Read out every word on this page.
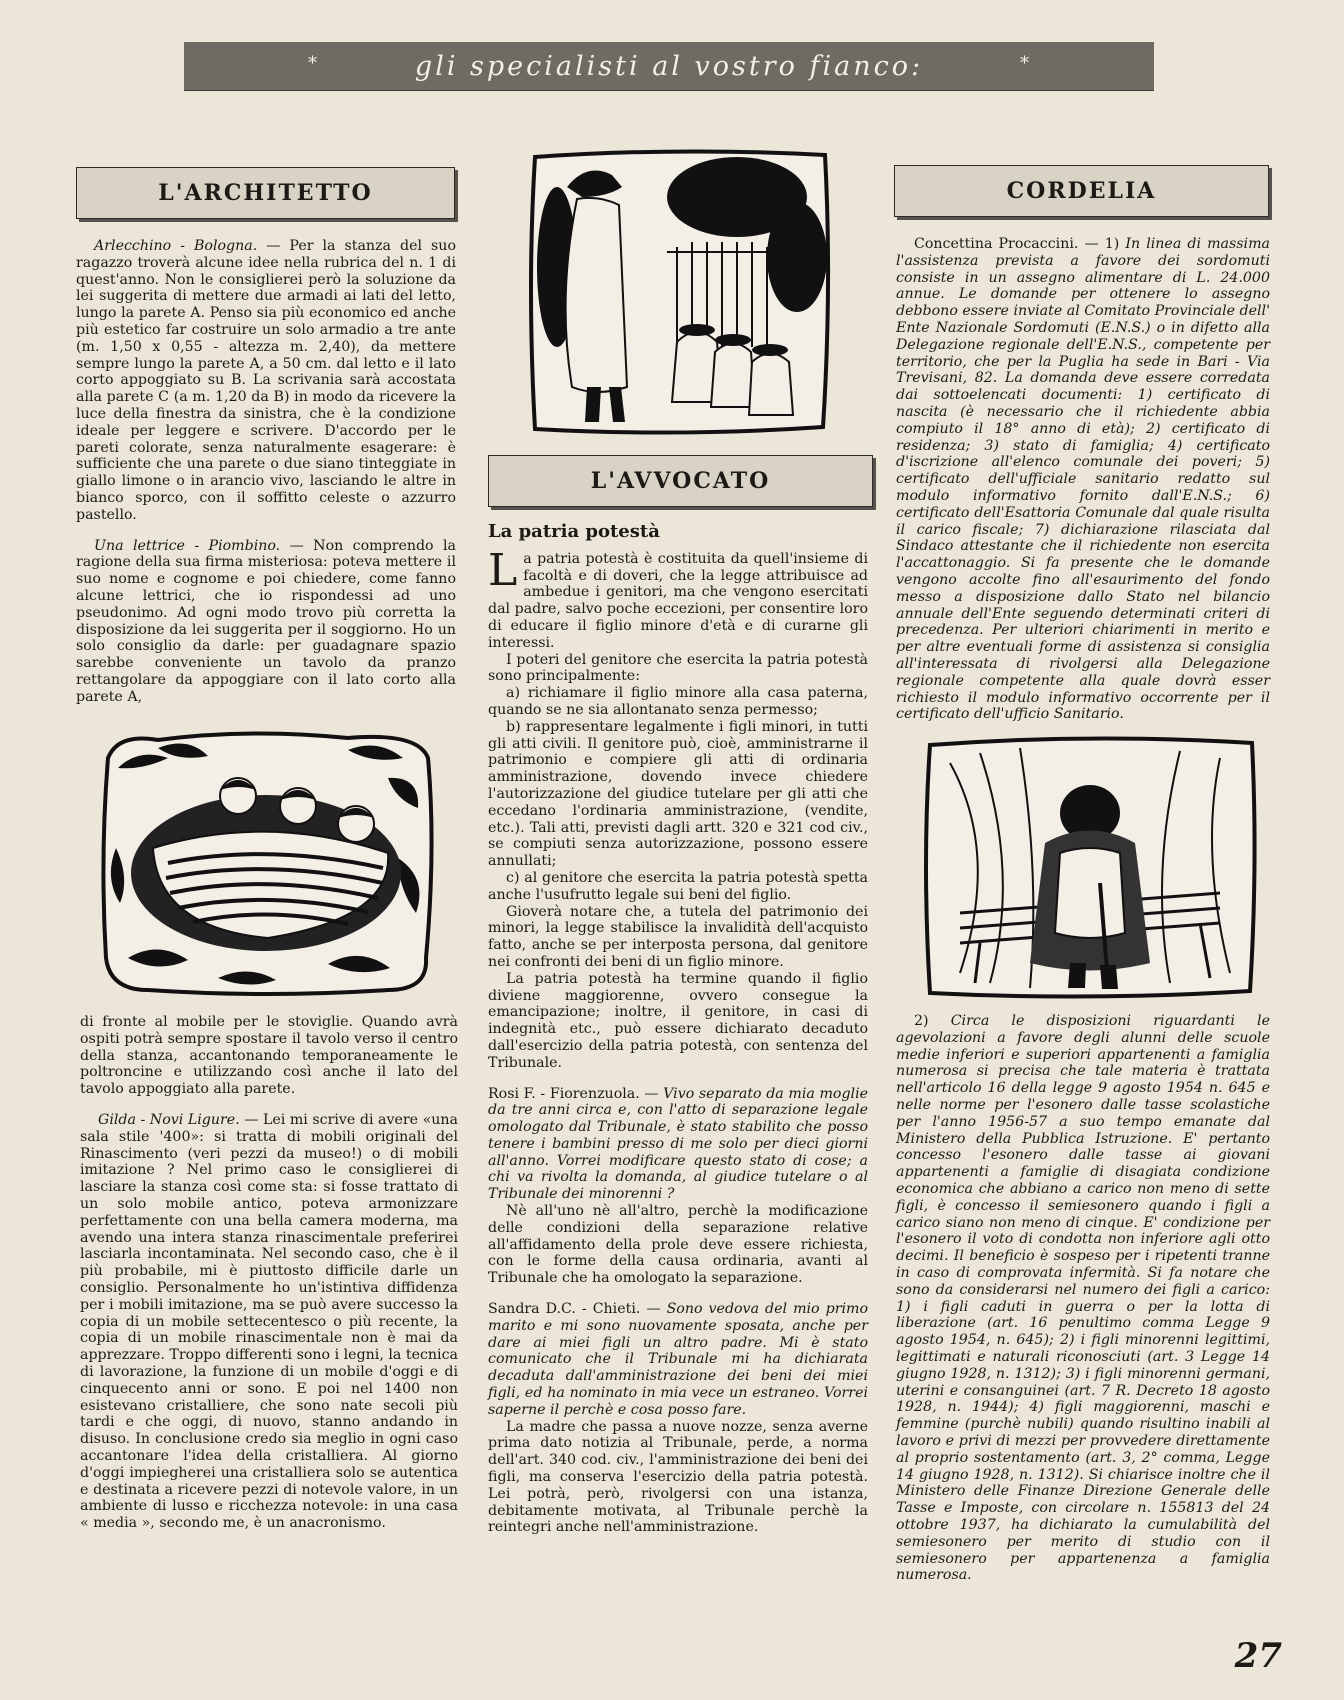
*	gli specialisti al vostro fianco:	*
L'ARCHITETTO
L'AVVOCATO
CORDELIA

Arlecchino - Bologna. — Per la stanza del suo ragazzo troverà alcune idee nella rubrica del n. 1 di quest'anno. Non le consiglierei però la soluzione da lei suggerita di mettere due armadi ai lati del letto, lungo la parete A. Penso sia più economico ed anche più estetico far costruire un solo armadio a tre ante (m. 1,50 x 0,55 - altezza m. 2,40), da mettere sempre lungo la parete A, a 50 cm. dal letto e il lato corto appoggiato su B. La scrivania sarà accostata alla parete C (a m. 1,20 da B) in modo da ricevere la luce della finestra da sinistra, che è la condizione ideale per leggere e scrivere. D'accordo per le pareti colorate, senza naturalmente esagerare: è sufficiente che una parete o due siano tinteggiate in giallo limone o in arancio vivo, lasciando le altre in bianco sporco, con il soffitto celeste o azzurro pastello.

Una lettrice - Piombino. — Non comprendo la ragione della sua firma misteriosa: poteva mettere il suo nome e cognome e poi chiedere, come fanno alcune lettrici, che io rispondessi ad uno pseudonimo. Ad ogni modo trovo più corretta la disposizione da lei suggerita per il soggiorno. Ho un solo consiglio da darle: per guadagnare spazio sarebbe conveniente un tavolo da pranzo rettangolare da appoggiare con il lato corto alla parete A,

di fronte al mobile per le stoviglie. Quando avrà ospiti potrà sempre spostare il tavolo verso il centro della stanza, accantonando temporaneamente le poltroncine e utilizzando così anche il lato del tavolo appoggiato alla parete.

Gilda - Novi Ligure. — Lei mi scrive di avere «una sala stile '400»: si tratta di mobili originali del Rinascimento (veri pezzi da museo!) o di mobili imitazione ? Nel primo caso le consiglierei di lasciare la stanza così come sta: si fosse trattato di un solo mobile antico, poteva armonizzare perfettamente con una bella camera moderna, ma avendo una intera stanza rinascimentale preferirei lasciarla incontaminata. Nel secondo caso, che è il più probabile, mi è piuttosto difficile darle un consiglio. Personalmente ho un'istintiva diffidenza per i mobili imitazione, ma se può avere successo la copia di un mobile settecentesco o più recente, la copia di un mobile rinascimentale non è mai da apprezzare. Troppo differenti sono i legni, la tecnica di lavorazione, la funzione di un mobile d'oggi e di cinquecento anni or sono. E poi nel 1400 non esistevano cristalliere, che sono nate secoli più tardi e che oggi, di nuovo, stanno andando in disuso. In conclusione credo sia meglio in ogni caso accantonare l'idea della cristalliera. Al giorno d'oggi impiegherei una cristalliera solo se autentica e destinata a ricevere pezzi di notevole valore, in un ambiente di lusso e ricchezza notevole: in una casa « media », secondo me, è un anacronismo.

La patria potestà

La patria potestà è costituita da quell'insieme di facoltà e di doveri, che la legge attribuisce ad ambedue i genitori, ma che vengono esercitati dal padre, salvo poche eccezioni, per consentire loro di educare il figlio minore d'età e di curarne gli interessi.

I poteri del genitore che esercita la patria potestà sono principalmente:

a) richiamare il figlio minore alla casa paterna, quando se ne sia allontanato senza permesso;

b) rappresentare legalmente i figli minori, in tutti gli atti civili. Il genitore può, cioè, amministrarne il patrimonio e compiere gli atti di ordinaria amministrazione, dovendo invece chiedere l'autorizzazione del giudice tutelare per gli atti che eccedano l'ordinaria amministrazione, (vendite, etc.). Tali atti, previsti dagli artt. 320 e 321 cod civ., se compiuti senza autorizzazione, possono essere annullati;

c) al genitore che esercita la patria potestà spetta anche l'usufrutto legale sui beni del figlio.

Gioverà notare che, a tutela del patrimonio dei minori, la legge stabilisce la invalidità dell'acquisto fatto, anche se per interposta persona, dal genitore nei confronti dei beni di un figlio minore.

La patria potestà ha termine quando il figlio diviene maggiorenne, ovvero consegue la emancipazione; inoltre, il genitore, in casi di indegnità etc., può essere dichiarato decaduto dall'esercizio della patria potestà, con sentenza del Tribunale.

Rosi F. - Fiorenzuola. — Vivo separato da mia moglie da tre anni circa e, con l'atto di separazione legale omologato dal Tribunale, è stato stabilito che posso tenere i bambini presso di me solo per dieci giorni all'anno. Vorrei modificare questo stato di cose; a chi va rivolta la domanda, al giudice tutelare o al Tribunale dei minorenni ?

Nè all'uno nè all'altro, perchè la modificazione delle condizioni della separazione relative all'affidamento della prole deve essere richiesta, con le forme della causa ordinaria, avanti al Tribunale che ha omologato la separazione.

Sandra D.C. - Chieti. — Sono vedova del mio primo marito e mi sono nuovamente sposata, anche per dare ai miei figli un altro padre. Mi è stato comunicato che il Tribunale mi ha dichiarata decaduta dall'amministrazione dei beni dei miei figli, ed ha nominato in mia vece un estraneo. Vorrei saperne il perchè e cosa posso fare.

La madre che passa a nuove nozze, senza averne prima dato notizia al Tribunale, perde, a norma dell'art. 340 cod. civ., l'amministrazione dei beni dei figli, ma conserva l'esercizio della patria potestà. Lei potrà, però, rivolgersi con una istanza, debitamente motivata, al Tribunale perchè la reintegri anche nell'amministrazione.

Concettina Procaccini. — 1) In linea di massima l'assistenza prevista a favore dei sordomuti consiste in un assegno alimentare di L. 24.000 annue. Le domande per ottenere lo assegno debbono essere inviate al Comitato Provinciale dell' Ente Nazionale Sordomuti (E.N.S.) o in difetto alla Delegazione regionale dell'E.N.S., competente per territorio, che per la Puglia ha sede in Bari - Via Trevisani, 82. La domanda deve essere corredata dai sottoelencati documenti: 1) certificato di nascita (è necessario che il richiedente abbia compiuto il 18° anno di età); 2) certificato di residenza; 3) stato di famiglia; 4) certificato d'iscrizione all'elenco comunale dei poveri; 5) certificato dell'ufficiale sanitario redatto sul modulo informativo fornito dall'E.N.S.; 6) certificato dell'Esattoria Comunale dal quale risulta il carico fiscale; 7) dichiarazione rilasciata dal Sindaco attestante che il richiedente non esercita l'accattonaggio. Si fa presente che le domande vengono accolte fino all'esaurimento del fondo messo a disposizione dallo Stato nel bilancio annuale dell'Ente seguendo determinati criteri di precedenza. Per ulteriori chiarimenti in merito e per altre eventuali forme di assistenza si consiglia all'interessata di rivolgersi alla Delegazione regionale competente alla quale dovrà esser richiesto il modulo informativo occorrente per il certificato dell'ufficio Sanitario.

2) Circa le disposizioni riguardanti le agevolazioni a favore degli alunni delle scuole medie inferiori e superiori appartenenti a famiglia numerosa si precisa che tale materia è trattata nell'articolo 16 della legge 9 agosto 1954 n. 645 e nelle norme per l'esonero dalle tasse scolastiche per l'anno 1956-57 a suo tempo emanate dal Ministero della Pubblica Istruzione. E' pertanto concesso l'esonero dalle tasse ai giovani appartenenti a famiglie di disagiata condizione economica che abbiano a carico non meno di sette figli, è concesso il semiesonero quando i figli a carico siano non meno di cinque. E' condizione per l'esonero il voto di condotta non inferiore agli otto decimi. Il beneficio è sospeso per i ripetenti tranne in caso di comprovata infermità. Si fa notare che sono da considerarsi nel numero dei figli a carico: 1) i figli caduti in guerra o per la lotta di liberazione (art. 16 penultimo comma Legge 9 agosto 1954, n. 645); 2) i figli minorenni legittimi, legittimati e naturali riconosciuti (art. 3 Legge 14 giugno 1928, n. 1312); 3) i figli minorenni germani, uterini e consanguinei (art. 7 R. Decreto 18 agosto 1928, n. 1944); 4) figli maggiorenni, maschi e femmine (purchè nubili) quando risultino inabili al lavoro e privi di mezzi per provvedere direttamente al proprio sostentamento (art. 3, 2° comma, Legge 14 giugno 1928, n. 1312). Si chiarisce inoltre che il Ministero delle Finanze Direzione Generale delle Tasse e Imposte, con circolare n. 155813 del 24 ottobre 1937, ha dichiarato la cumulabilità del semiesonero per merito di studio con il semiesonero per appartenenza a famiglia numerosa.

27
